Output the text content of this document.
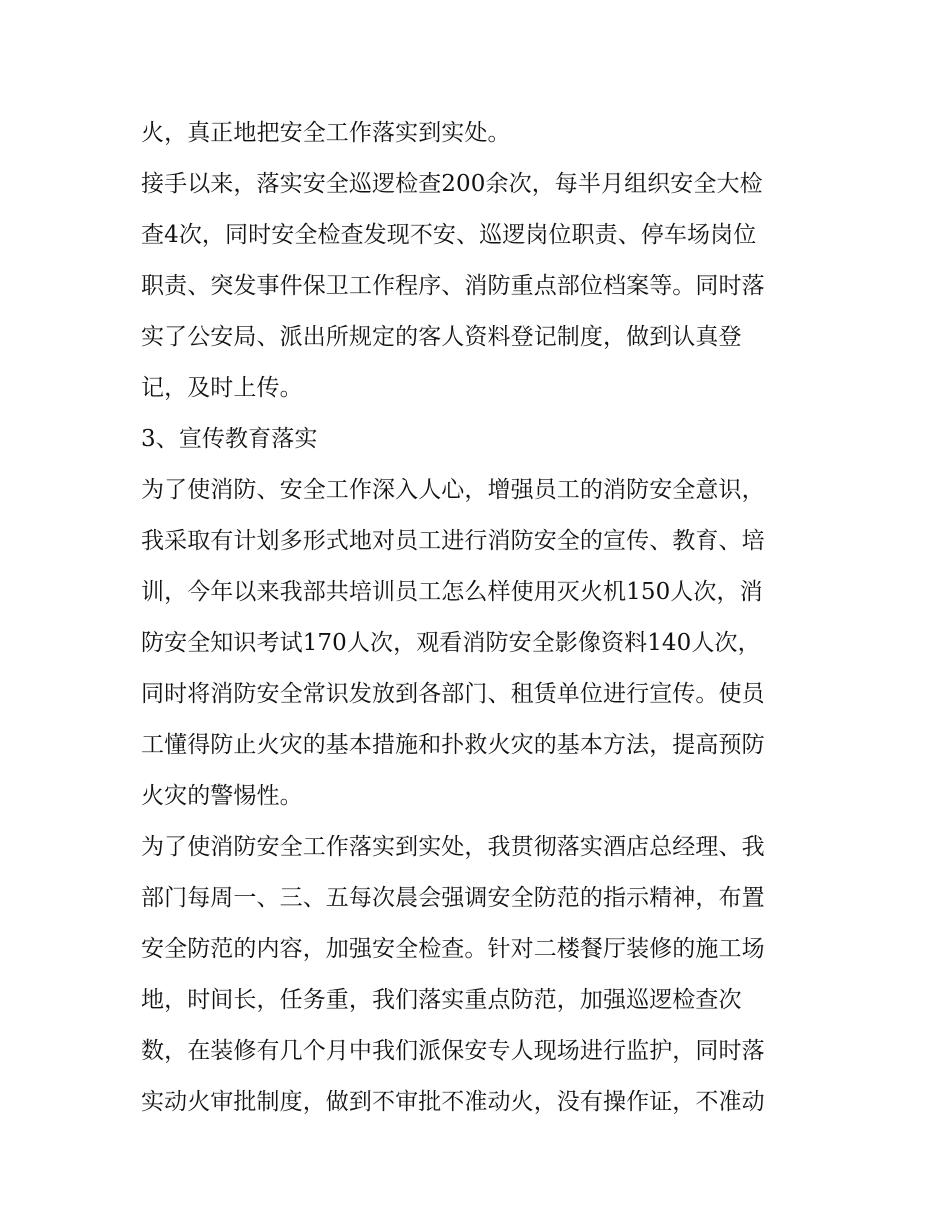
火，真正地把安全工作落实到实处。
接手以来，落实安全巡逻检查200余次，每半月组织安全大检
查4次，同时安全检查发现不安、巡逻岗位职责、停车场岗位
职责、突发事件保卫工作程序、消防重点部位档案等。同时落
实了公安局、派出所规定的客人资料登记制度，做到认真登
记，及时上传。
3、宣传教育落实
为了使消防、安全工作深入人心，增强员工的消防安全意识，
我采取有计划多形式地对员工进行消防安全的宣传、教育、培
训，今年以来我部共培训员工怎么样使用灭火机150人次，消
防安全知识考试170人次，观看消防安全影像资料140人次，
同时将消防安全常识发放到各部门、租赁单位进行宣传。使员
工懂得防止火灾的基本措施和扑救火灾的基本方法，提高预防
火灾的警惕性。
为了使消防安全工作落实到实处，我贯彻落实酒店总经理、我
部门每周一、三、五每次晨会强调安全防范的指示精神，布置
安全防范的内容，加强安全检查。针对二楼餐厅装修的施工场
地，时间长，任务重，我们落实重点防范，加强巡逻检查次
数，在装修有几个月中我们派保安专人现场进行监护，同时落
实动火审批制度，做到不审批不准动火，没有操作证，不准动
